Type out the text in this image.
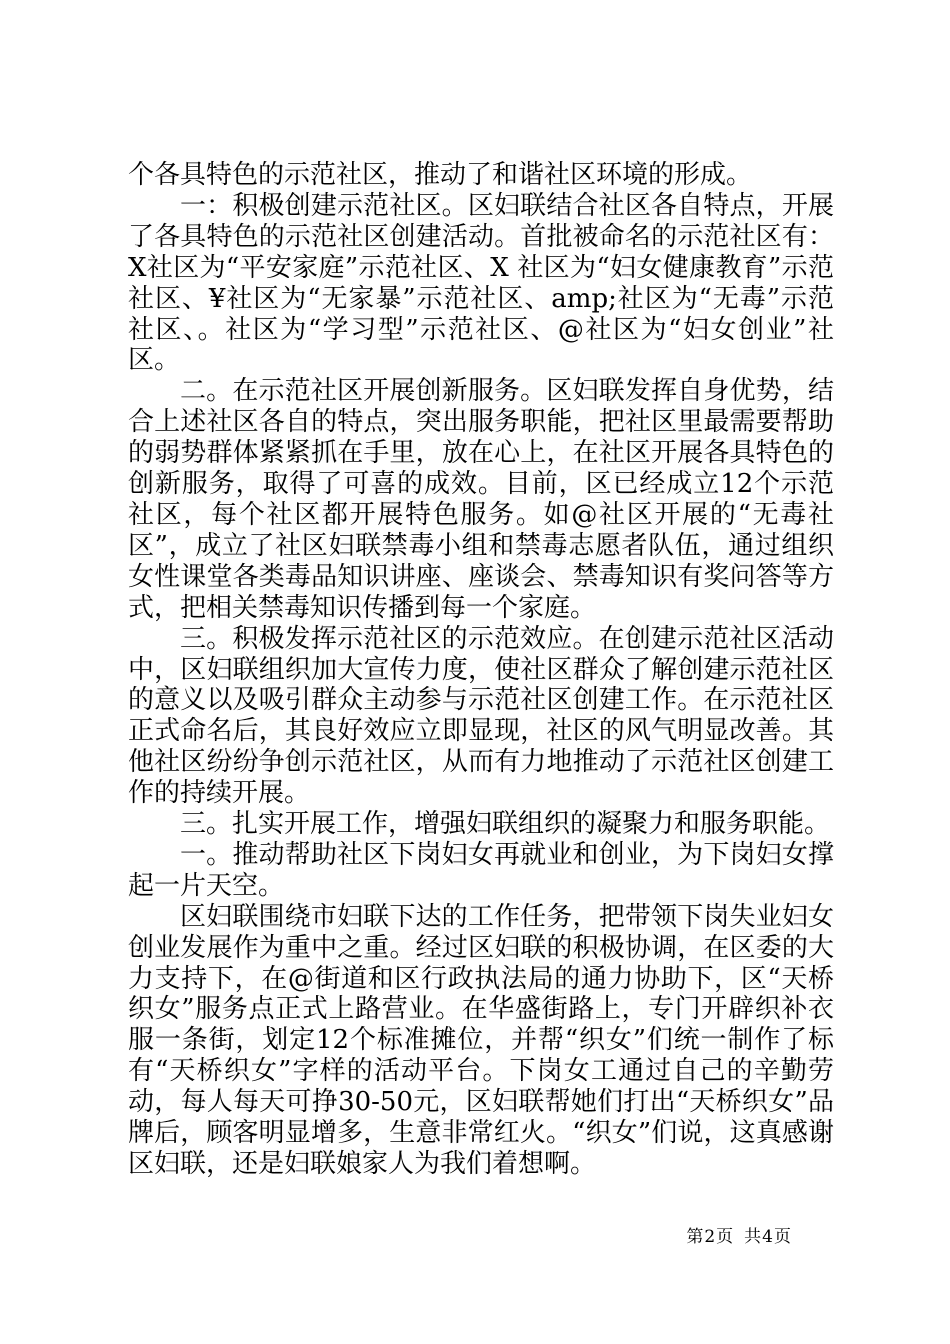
个各具特色的示范社区，推动了和谐社区环境的形成。

一：积极创建示范社区。区妇联结合社区各自特点，开展了各具特色的示范社区创建活动。首批被命名的示范社区有：X社区为“平安家庭”示范社区、X 社区为“妇女健康教育”示范社区、¥社区为“无家暴”示范社区、amp;社区为“无毒”示范社区、。社区为“学习型”示范社区、@社区为“妇女创业”社区。

二。在示范社区开展创新服务。区妇联发挥自身优势，结合上述社区各自的特点，突出服务职能，把社区里最需要帮助的弱势群体紧紧抓在手里，放在心上，在社区开展各具特色的创新服务，取得了可喜的成效。目前，区已经成立12个示范社区，每个社区都开展特色服务。如@社区开展的“无毒社区”，成立了社区妇联禁毒小组和禁毒志愿者队伍，通过组织女性课堂各类毒品知识讲座、座谈会、禁毒知识有奖问答等方式，把相关禁毒知识传播到每一个家庭。

三。积极发挥示范社区的示范效应。在创建示范社区活动中，区妇联组织加大宣传力度，使社区群众了解创建示范社区的意义以及吸引群众主动参与示范社区创建工作。在示范社区正式命名后，其良好效应立即显现，社区的风气明显改善。其他社区纷纷争创示范社区，从而有力地推动了示范社区创建工作的持续开展。

三。扎实开展工作，增强妇联组织的凝聚力和服务职能。

一。推动帮助社区下岗妇女再就业和创业，为下岗妇女撑起一片天空。

区妇联围绕市妇联下达的工作任务，把带领下岗失业妇女创业发展作为重中之重。经过区妇联的积极协调，在区委的大力支持下，在@街道和区行政执法局的通力协助下，区“天桥织女”服务点正式上路营业。在华盛街路上，专门开辟织补衣服一条街，划定12个标准摊位，并帮“织女”们统一制作了标有“天桥织女”字样的活动平台。下岗女工通过自己的辛勤劳动，每人每天可挣30-50元，区妇联帮她们打出“天桥织女”品牌后，顾客明显增多，生意非常红火。“织女”们说，这真感谢区妇联，还是妇联娘家人为我们着想啊。

第2页 共4页
